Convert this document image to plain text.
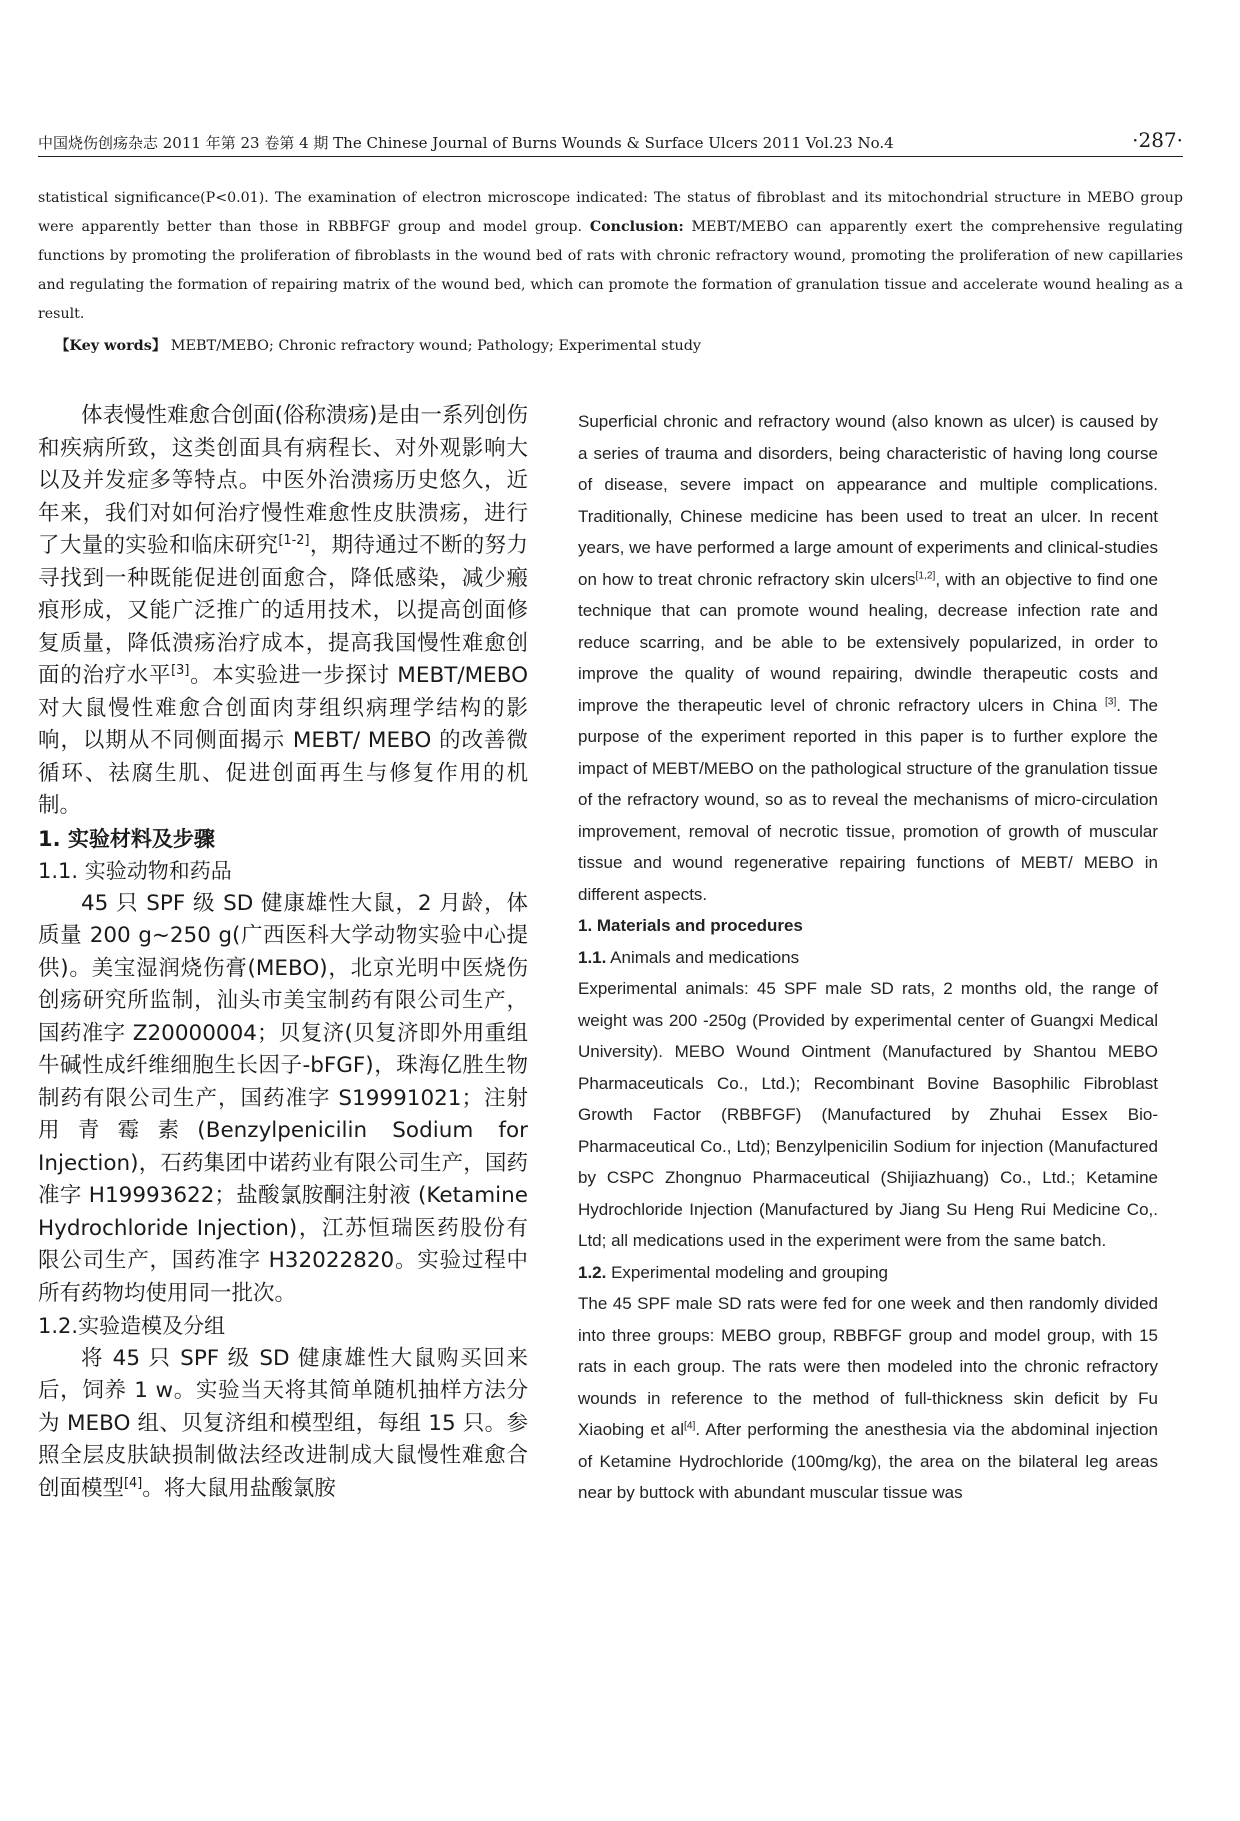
中国烧伤创疡杂志 2011 年第 23 卷第 4 期 The Chinese Journal of Burns Wounds & Surface Ulcers 2011 Vol.23 No.4	·287·
statistical significance(P<0.01). The examination of electron microscope indicated: The status of fibroblast and its mitochondrial structure in MEBO group were apparently better than those in RBBFGF group and model group. Conclusion: MEBT/MEBO can apparently exert the comprehensive regulating functions by promoting the proliferation of fibroblasts in the wound bed of rats with chronic refractory wound, promoting the proliferation of new capillaries and regulating the formation of repairing matrix of the wound bed, which can promote the formation of granulation tissue and accelerate wound healing as a result.
【Key words】 MEBT/MEBO; Chronic refractory wound; Pathology; Experimental study

体表慢性难愈合创面(俗称溃疡)是由一系列创伤和疾病所致，这类创面具有病程长、对外观影响大以及并发症多等特点。中医外治溃疡历史悠久，近年来，我们对如何治疗慢性难愈性皮肤溃疡，进行了大量的实验和临床研究[1-2]，期待通过不断的努力寻找到一种既能促进创面愈合，降低感染，减少瘢痕形成，又能广泛推广的适用技术，以提高创面修复质量，降低溃疡治疗成本，提高我国慢性难愈创面的治疗水平[3]。本实验进一步探讨 MEBT/MEBO 对大鼠慢性难愈合创面肉芽组织病理学结构的影响，以期从不同侧面揭示 MEBT/ MEBO 的改善微循环、祛腐生肌、促进创面再生与修复作用的机制。

1. 实验材料及步骤
1.1. 实验动物和药品

45 只 SPF 级 SD 健康雄性大鼠，2 月龄，体质量 200 g~250 g(广西医科大学动物实验中心提供)。美宝湿润烧伤膏(MEBO)，北京光明中医烧伤创疡研究所监制，汕头市美宝制药有限公司生产，国药准字 Z20000004；贝复济(贝复济即外用重组牛碱性成纤维细胞生长因子-bFGF)，珠海亿胜生物制药有限公司生产，国药准字 S19991021；注射用青霉素(Benzylpenicilin Sodium for Injection)，石药集团中诺药业有限公司生产，国药准字 H19993622；盐酸氯胺酮注射液 (Ketamine Hydrochloride Injection)，江苏恒瑞医药股份有限公司生产，国药准字 H32022820。实验过程中所有药物均使用同一批次。

1.2.实验造模及分组

将 45 只 SPF 级 SD 健康雄性大鼠购买回来后，饲养 1 w。实验当天将其简单随机抽样方法分为 MEBO 组、贝复济组和模型组，每组 15 只。参照全层皮肤缺损制做法经改进制成大鼠慢性难愈合创面模型[4]。将大鼠用盐酸氯胺

Superficial chronic and refractory wound (also known as ulcer) is caused by a series of trauma and disorders, being characteristic of having long course of disease, severe impact on appearance and multiple complications. Traditionally, Chinese medicine has been used to treat an ulcer. In recent years, we have performed a large amount of experiments and clinical-studies on how to treat chronic refractory skin ulcers[1,2], with an objective to find one technique that can promote wound healing, decrease infection rate and reduce scarring, and be able to be extensively popularized, in order to improve the quality of wound repairing, dwindle therapeutic costs and improve the therapeutic level of chronic refractory ulcers in China [3]. The purpose of the experiment reported in this paper is to further explore the impact of MEBT/MEBO on the pathological structure of the granulation tissue of the refractory wound, so as to reveal the mechanisms of micro-circulation improvement, removal of necrotic tissue, promotion of growth of muscular tissue and wound regenerative repairing functions of MEBT/ MEBO in different aspects.

1. Materials and procedures
1.1. Animals and medications

Experimental animals: 45 SPF male SD rats, 2 months old, the range of weight was 200 -250g (Provided by experimental center of Guangxi Medical University). MEBO Wound Ointment (Manufactured by Shantou MEBO Pharmaceuticals Co., Ltd.); Recombinant Bovine Basophilic Fibroblast Growth Factor (RBBFGF) (Manufactured by Zhuhai Essex Bio-Pharmaceutical Co., Ltd); Benzylpenicilin Sodium for injection (Manufactured by CSPC Zhongnuo Pharmaceutical (Shijiazhuang) Co., Ltd.; Ketamine Hydrochloride Injection (Manufactured by Jiang Su Heng Rui Medicine Co,. Ltd; all medications used in the experiment were from the same batch.

1.2. Experimental modeling and grouping

The 45 SPF male SD rats were fed for one week and then randomly divided into three groups: MEBO group, RBBFGF group and model group, with 15 rats in each group. The rats were then modeled into the chronic refractory wounds in reference to the method of full-thickness skin deficit by Fu Xiaobing et al[4]. After performing the anesthesia via the abdominal injection of Ketamine Hydrochloride (100mg/kg), the area on the bilateral leg areas near by buttock with abundant muscular tissue was
